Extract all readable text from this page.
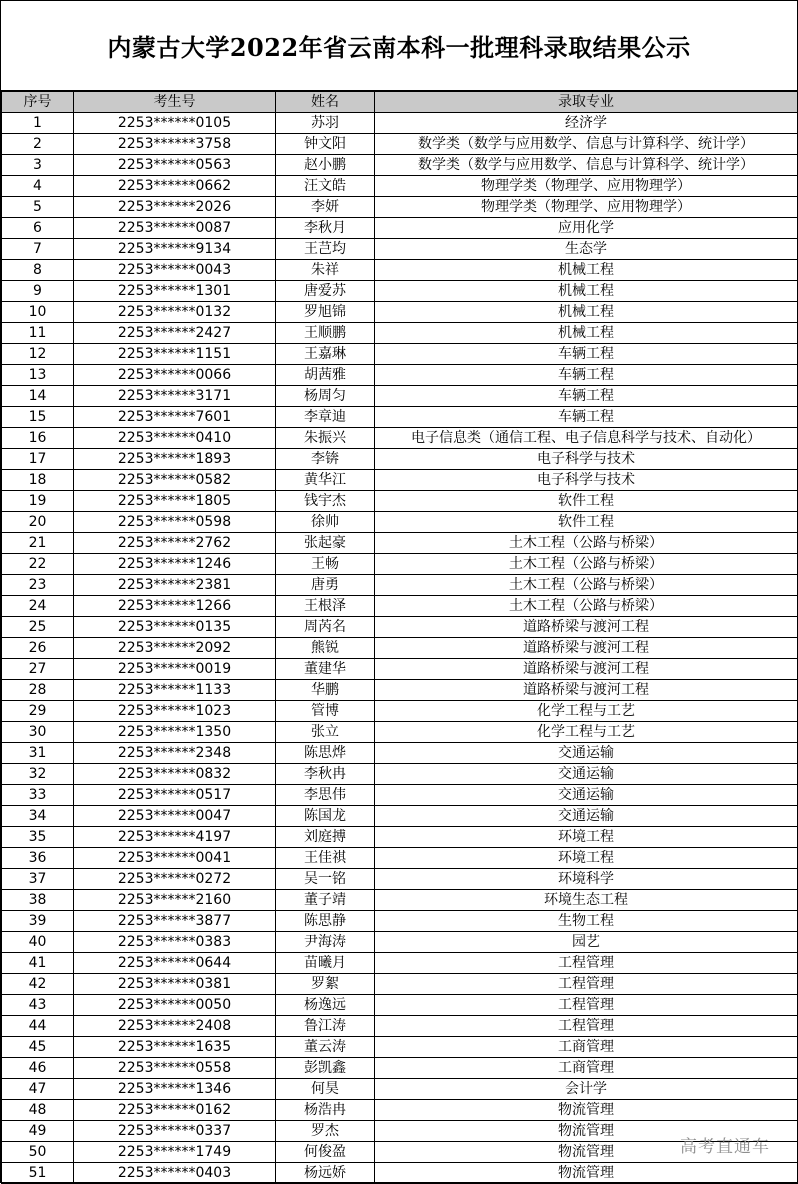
内蒙古大学2022年省云南本科一批理科录取结果公示
序号	考生号	姓名	录取专业
1	2253******0105	苏羽	经济学
2	2253******3758	钟文阳	数学类（数学与应用数学、信息与计算科学、统计学）
3	2253******0563	赵小鹏	数学类（数学与应用数学、信息与计算科学、统计学）
4	2253******0662	汪文皓	物理学类（物理学、应用物理学）
5	2253******2026	李妍	物理学类（物理学、应用物理学）
6	2253******0087	李秋月	应用化学
7	2253******9134	王芑均	生态学
8	2253******0043	朱祥	机械工程
9	2253******1301	唐爱苏	机械工程
10	2253******0132	罗旭锦	机械工程
11	2253******2427	王顺鹏	机械工程
12	2253******1151	王嘉琳	车辆工程
13	2253******0066	胡茜雅	车辆工程
14	2253******3171	杨周匀	车辆工程
15	2253******7601	李章迪	车辆工程
16	2253******0410	朱振兴	电子信息类（通信工程、电子信息科学与技术、自动化）
17	2253******1893	李锛	电子科学与技术
18	2253******0582	黄华江	电子科学与技术
19	2253******1805	钱宇杰	软件工程
20	2253******0598	徐帅	软件工程
21	2253******2762	张起豪	土木工程（公路与桥梁）
22	2253******1246	王畅	土木工程（公路与桥梁）
23	2253******2381	唐勇	土木工程（公路与桥梁）
24	2253******1266	王根泽	土木工程（公路与桥梁）
25	2253******0135	周芮名	道路桥梁与渡河工程
26	2253******2092	熊锐	道路桥梁与渡河工程
27	2253******0019	董建华	道路桥梁与渡河工程
28	2253******1133	华鹏	道路桥梁与渡河工程
29	2253******1023	管博	化学工程与工艺
30	2253******1350	张立	化学工程与工艺
31	2253******2348	陈思烨	交通运输
32	2253******0832	李秋冉	交通运输
33	2253******0517	李思伟	交通运输
34	2253******0047	陈国龙	交通运输
35	2253******4197	刘庭搏	环境工程
36	2253******0041	王佳祺	环境工程
37	2253******0272	吴一铭	环境科学
38	2253******2160	董子靖	环境生态工程
39	2253******3877	陈思静	生物工程
40	2253******0383	尹海涛	园艺
41	2253******0644	苗曦月	工程管理
42	2253******0381	罗絮	工程管理
43	2253******0050	杨逸远	工程管理
44	2253******2408	鲁江涛	工程管理
45	2253******1635	董云涛	工商管理
46	2253******0558	彭凯鑫	工商管理
47	2253******1346	何昊	会计学
48	2253******0162	杨浩冉	物流管理
49	2253******0337	罗杰	物流管理
50	2253******1749	何俊盈	物流管理
51	2253******0403	杨远娇	物流管理
高考直通车
